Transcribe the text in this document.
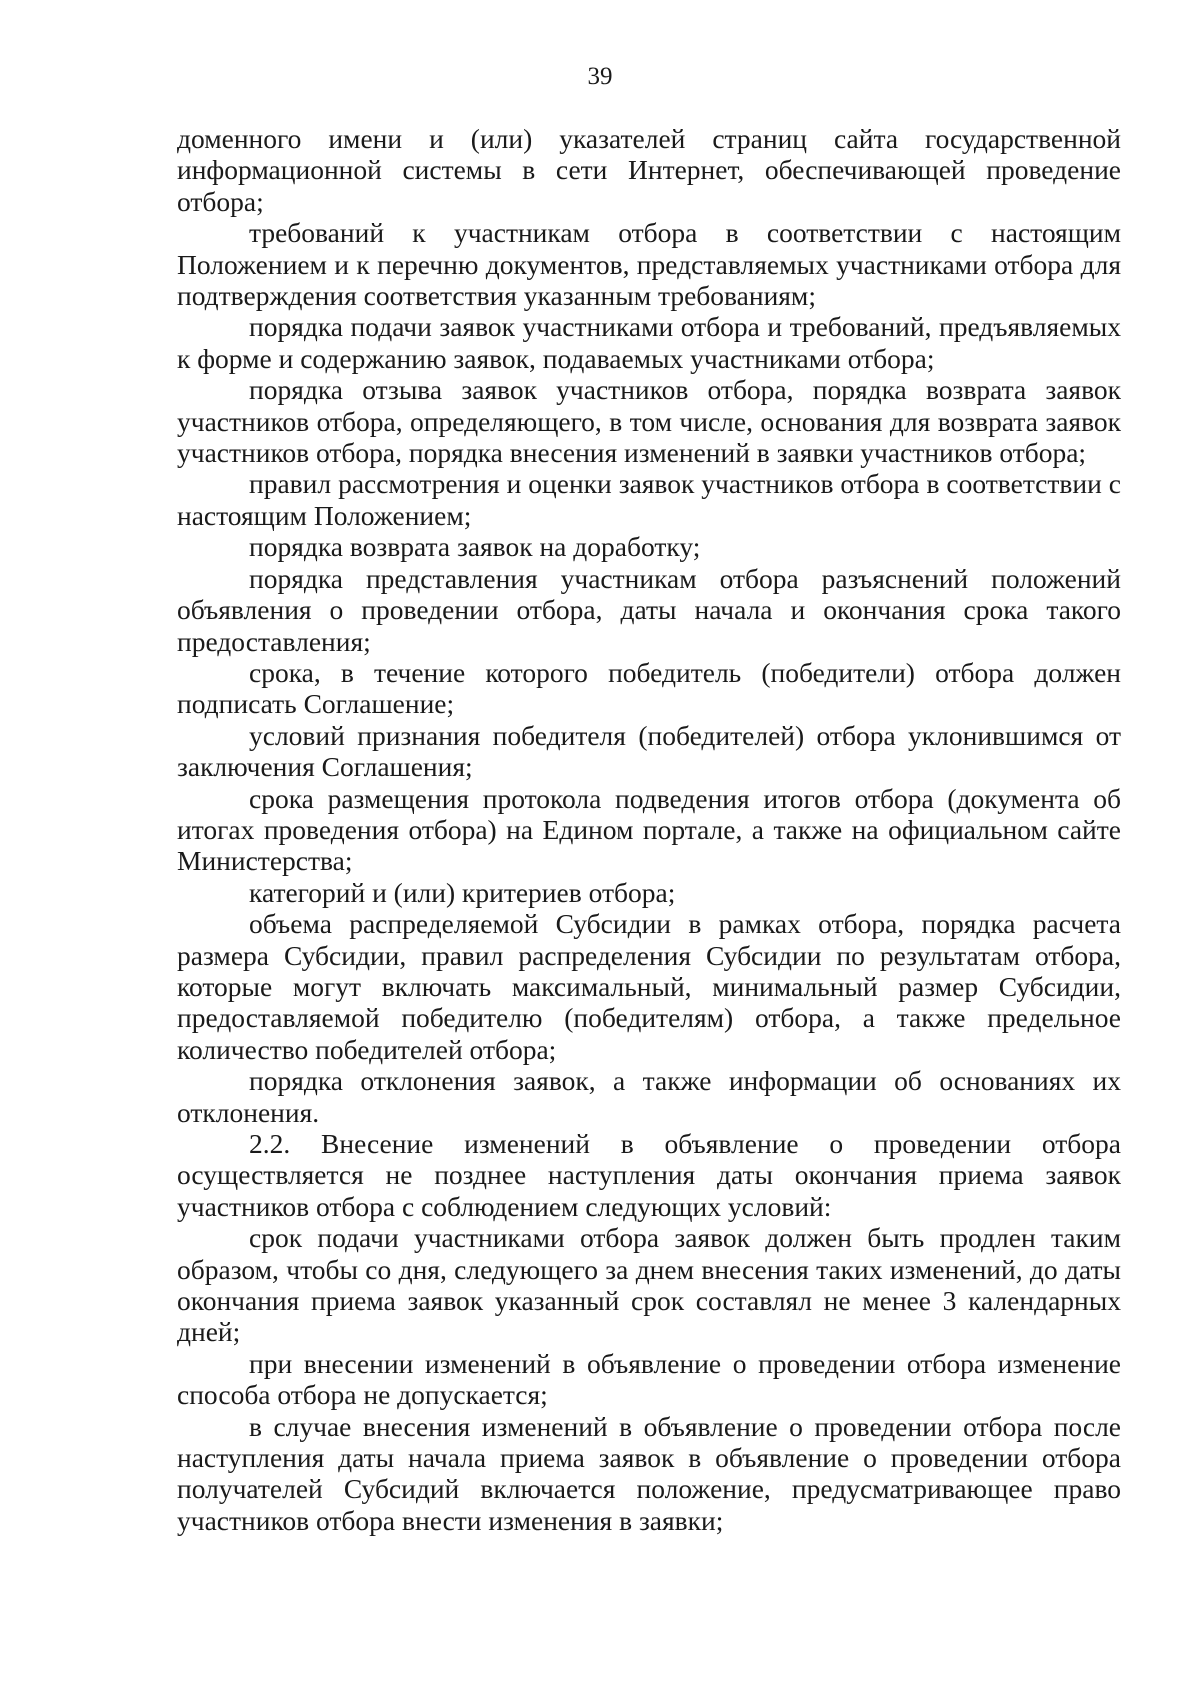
39

доменного имени и (или) указателей страниц сайта государственной информационной системы в сети Интернет, обеспечивающей проведение отбора;

требований к участникам отбора в соответствии с настоящим Положением и к перечню документов, представляемых участниками отбора для подтверждения соответствия указанным требованиям;

порядка подачи заявок участниками отбора и требований, предъявляемых к форме и содержанию заявок, подаваемых участниками отбора;

порядка отзыва заявок участников отбора, порядка возврата заявок участников отбора, определяющего, в том числе, основания для возврата заявок участников отбора, порядка внесения изменений в заявки участников отбора;

правил рассмотрения и оценки заявок участников отбора в соответствии с настоящим Положением;

порядка возврата заявок на доработку;

порядка представления участникам отбора разъяснений положений объявления о проведении отбора, даты начала и окончания срока такого предоставления;

срока, в течение которого победитель (победители) отбора должен подписать Соглашение;

условий признания победителя (победителей) отбора уклонившимся от заключения Соглашения;

срока размещения протокола подведения итогов отбора (документа об итогах проведения отбора) на Едином портале, а также на официальном сайте Министерства;

категорий и (или) критериев отбора;

объема распределяемой Субсидии в рамках отбора, порядка расчета размера Субсидии, правил распределения Субсидии по результатам отбора, которые могут включать максимальный, минимальный размер Субсидии, предоставляемой победителю (победителям) отбора, а также предельное количество победителей отбора;

порядка отклонения заявок, а также информации об основаниях их отклонения.

2.2. Внесение изменений в объявление о проведении отбора осуществляется не позднее наступления даты окончания приема заявок участников отбора с соблюдением следующих условий:

срок подачи участниками отбора заявок должен быть продлен таким образом, чтобы со дня, следующего за днем внесения таких изменений, до даты окончания приема заявок указанный срок составлял не менее 3 календарных дней;

при внесении изменений в объявление о проведении отбора изменение способа отбора не допускается;

в случае внесения изменений в объявление о проведении отбора после наступления даты начала приема заявок в объявление о проведении отбора получателей Субсидий включается положение, предусматривающее право участников отбора внести изменения в заявки;
